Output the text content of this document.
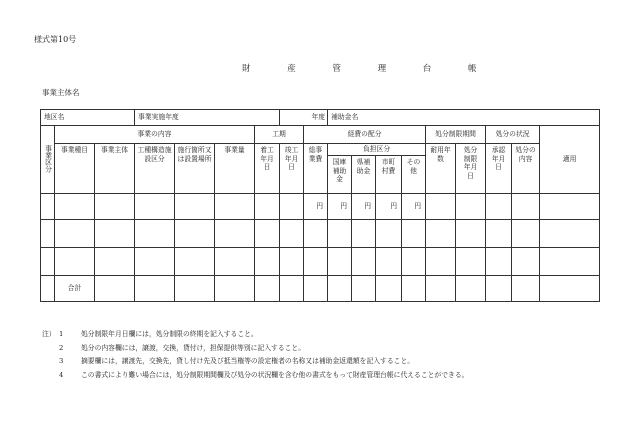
様式第10号
財 産 管 理 台 帳
事業主体名
地区名			事業実施年度				年度		補助金名								
事業区分	事業の内容					工期		経費の配分					処分制限期間		処分の状況		適用
	事業種目	事業主体	工種構造施設区分	施行箇所又は設置場所	事業量	着工年月日	竣工年月日	総事業費	負担区分				耐用年数	処分制限年月日	承認年月日	処分の内容	
									国庫補助金	県補助金	市町村費	その他					
								円	円	円	円	円					

	合計																
注） 1	処分制限年月日欄には，処分制限の終期を記入すること。
2	処分の内容欄には，譲渡，交換，貸付け，担保提供等別に記入すること。
3	摘要欄には，譲渡先，交換先，貸し付け先及び抵当権等の設定権者の名称又は補助金返還額を記入すること。
4	この書式により難い場合には，処分制限期間欄及び処分の状況欄を含む他の書式をもって財産管理台帳に代えることができる。
